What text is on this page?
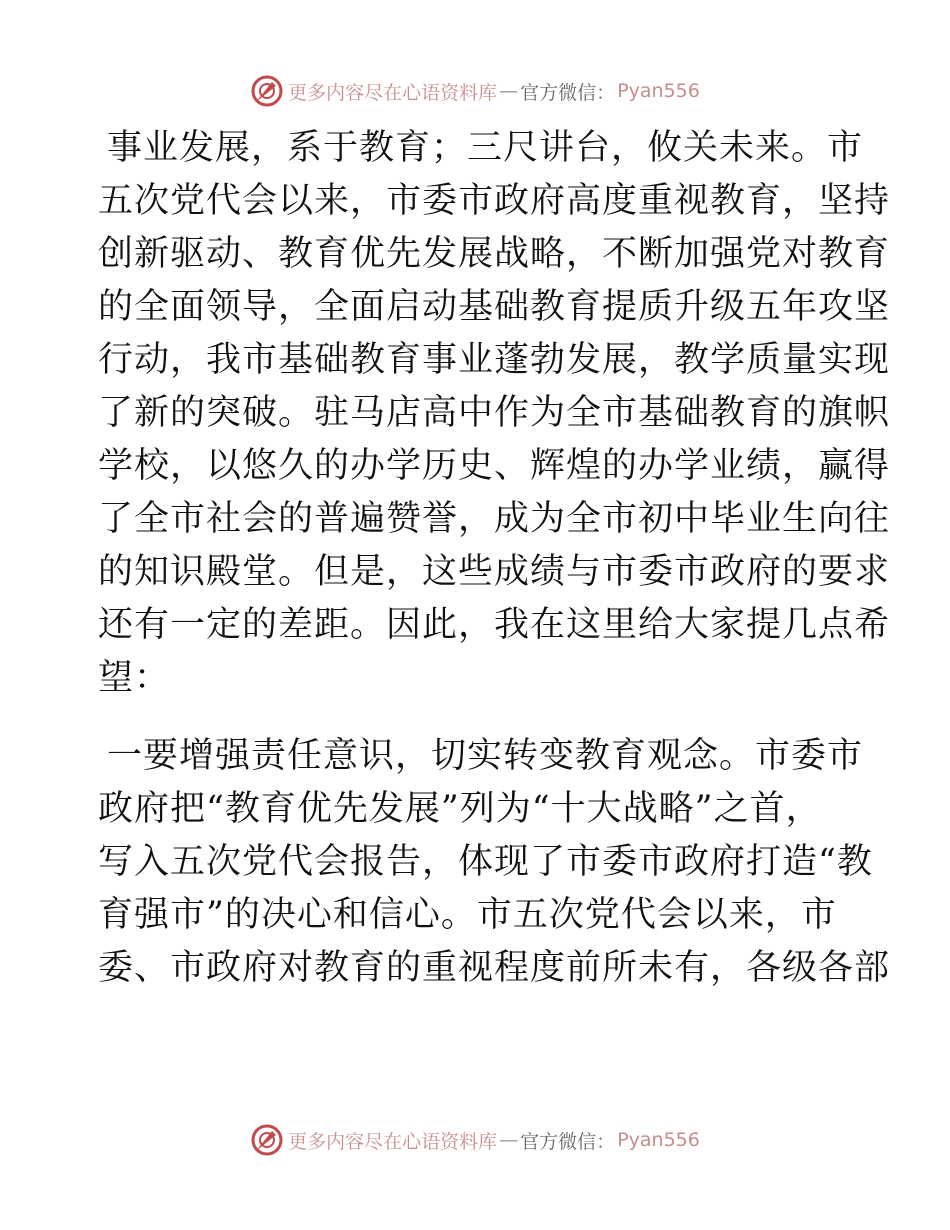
更多内容尽在心语资料库 — 官方微信： Pyan556
事业发展，系于教育；三尺讲台，攸关未来。市
五次党代会以来，市委市政府高度重视教育，坚持
创新驱动、教育优先发展战略，不断加强党对教育
的全面领导，全面启动基础教育提质升级五年攻坚
行动，我市基础教育事业蓬勃发展，教学质量实现
了新的突破。驻马店高中作为全市基础教育的旗帜
学校，以悠久的办学历史、辉煌的办学业绩，赢得
了全市社会的普遍赞誉，成为全市初中毕业生向往
的知识殿堂。但是，这些成绩与市委市政府的要求
还有一定的差距。因此，我在这里给大家提几点希
望：
一要增强责任意识，切实转变教育观念。市委市
政府把“教育优先发展”列为“十大战略”之首，
写入五次党代会报告，体现了市委市政府打造“教
育强市”的决心和信心。市五次党代会以来，市
委、市政府对教育的重视程度前所未有，各级各部
更多内容尽在心语资料库 — 官方微信： Pyan556
